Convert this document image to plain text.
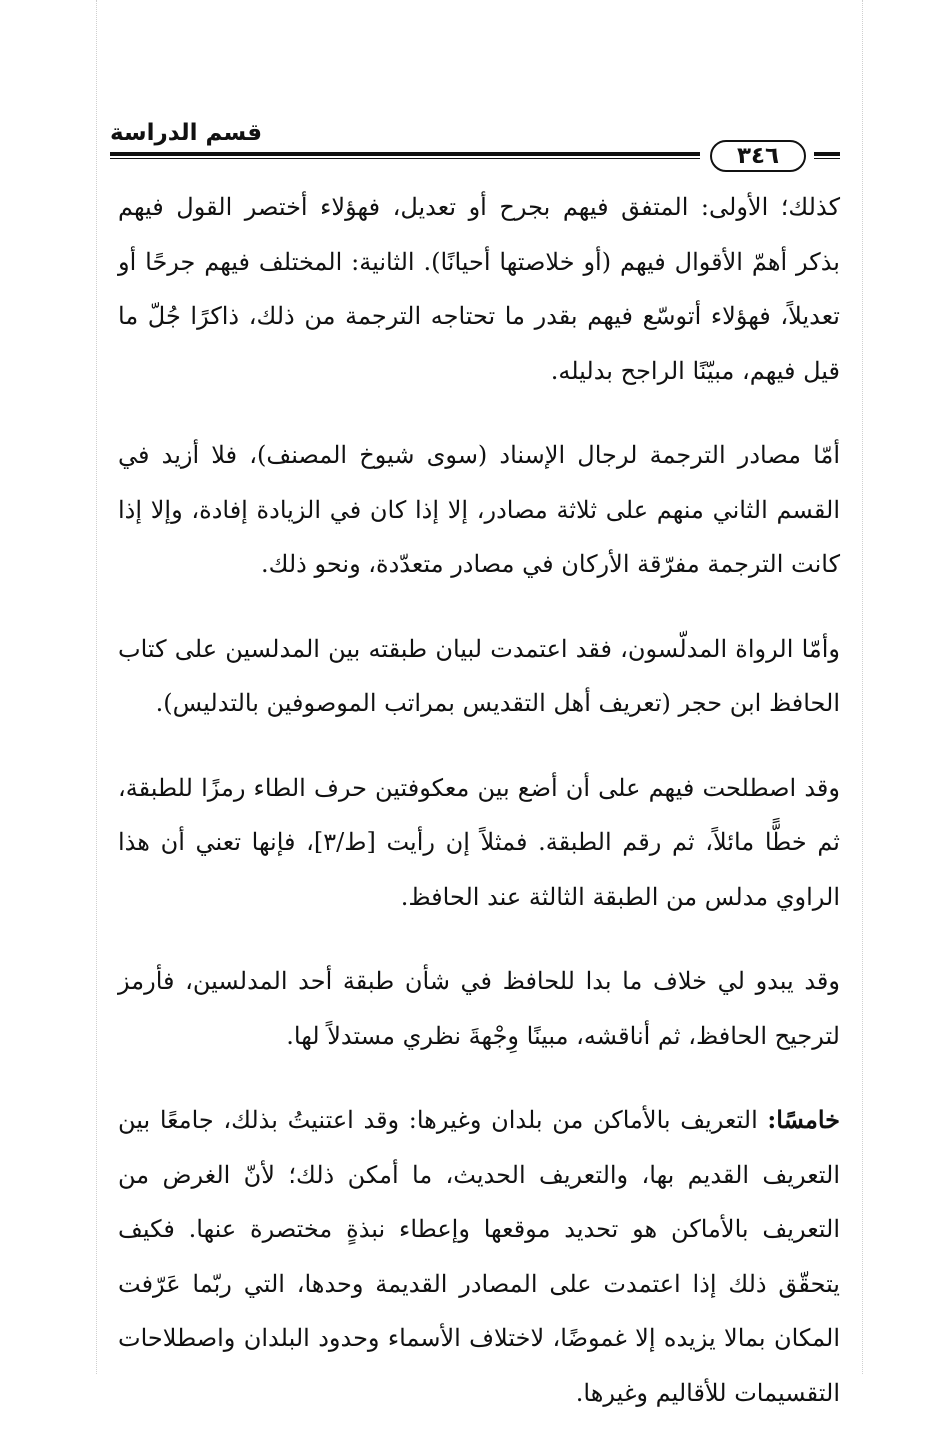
قسم الدراسة
٣٤٦

كذلك؛ الأولى: المتفق فيهم بجرح أو تعديل، فهؤلاء أختصر القول فيهم بذكر أهمّ الأقوال فيهم (أو خلاصتها أحيانًا). الثانية: المختلف فيهم جرحًا أو تعديلاً، فهؤلاء أتوسّع فيهم بقدر ما تحتاجه الترجمة من ذلك، ذاكرًا جُلّ ما قيل فيهم، مبيّنًا الراجح بدليله.

أمّا مصادر الترجمة لرجال الإسناد (سوى شيوخ المصنف)، فلا أزيد في القسم الثاني منهم على ثلاثة مصادر، إلا إذا كان في الزيادة إفادة، وإلا إذا كانت الترجمة مفرّقة الأركان في مصادر متعدّدة، ونحو ذلك.

وأمّا الرواة المدلّسون، فقد اعتمدت لبيان طبقته بين المدلسين على كتاب الحافظ ابن حجر (تعريف أهل التقديس بمراتب الموصوفين بالتدليس).

وقد اصطلحت فيهم على أن أضع بين معكوفتين حرف الطاء رمزًا للطبقة، ثم خطًّا مائلاً، ثم رقم الطبقة. فمثلاً إن رأيت [ط/٣]، فإنها تعني أن هذا الراوي مدلس من الطبقة الثالثة عند الحافظ.

وقد يبدو لي خلاف ما بدا للحافظ في شأن طبقة أحد المدلسين، فأرمز لترجيح الحافظ، ثم أناقشه، مبينًا وِجْهةَ نظري مستدلاً لها.

خامسًا: التعريف بالأماكن من بلدان وغيرها: وقد اعتنيتُ بذلك، جامعًا بين التعريف القديم بها، والتعريف الحديث، ما أمكن ذلك؛ لأنّ الغرض من التعريف بالأماكن هو تحديد موقعها وإعطاء نبذةٍ مختصرة عنها. فكيف يتحقّق ذلك إذا اعتمدت على المصادر القديمة وحدها، التي ربّما عَرّفت المكان بمالا يزيده إلا غموضًا، لاختلاف الأسماء وحدود البلدان واصطلاحات التقسيمات للأقاليم وغيرها.
